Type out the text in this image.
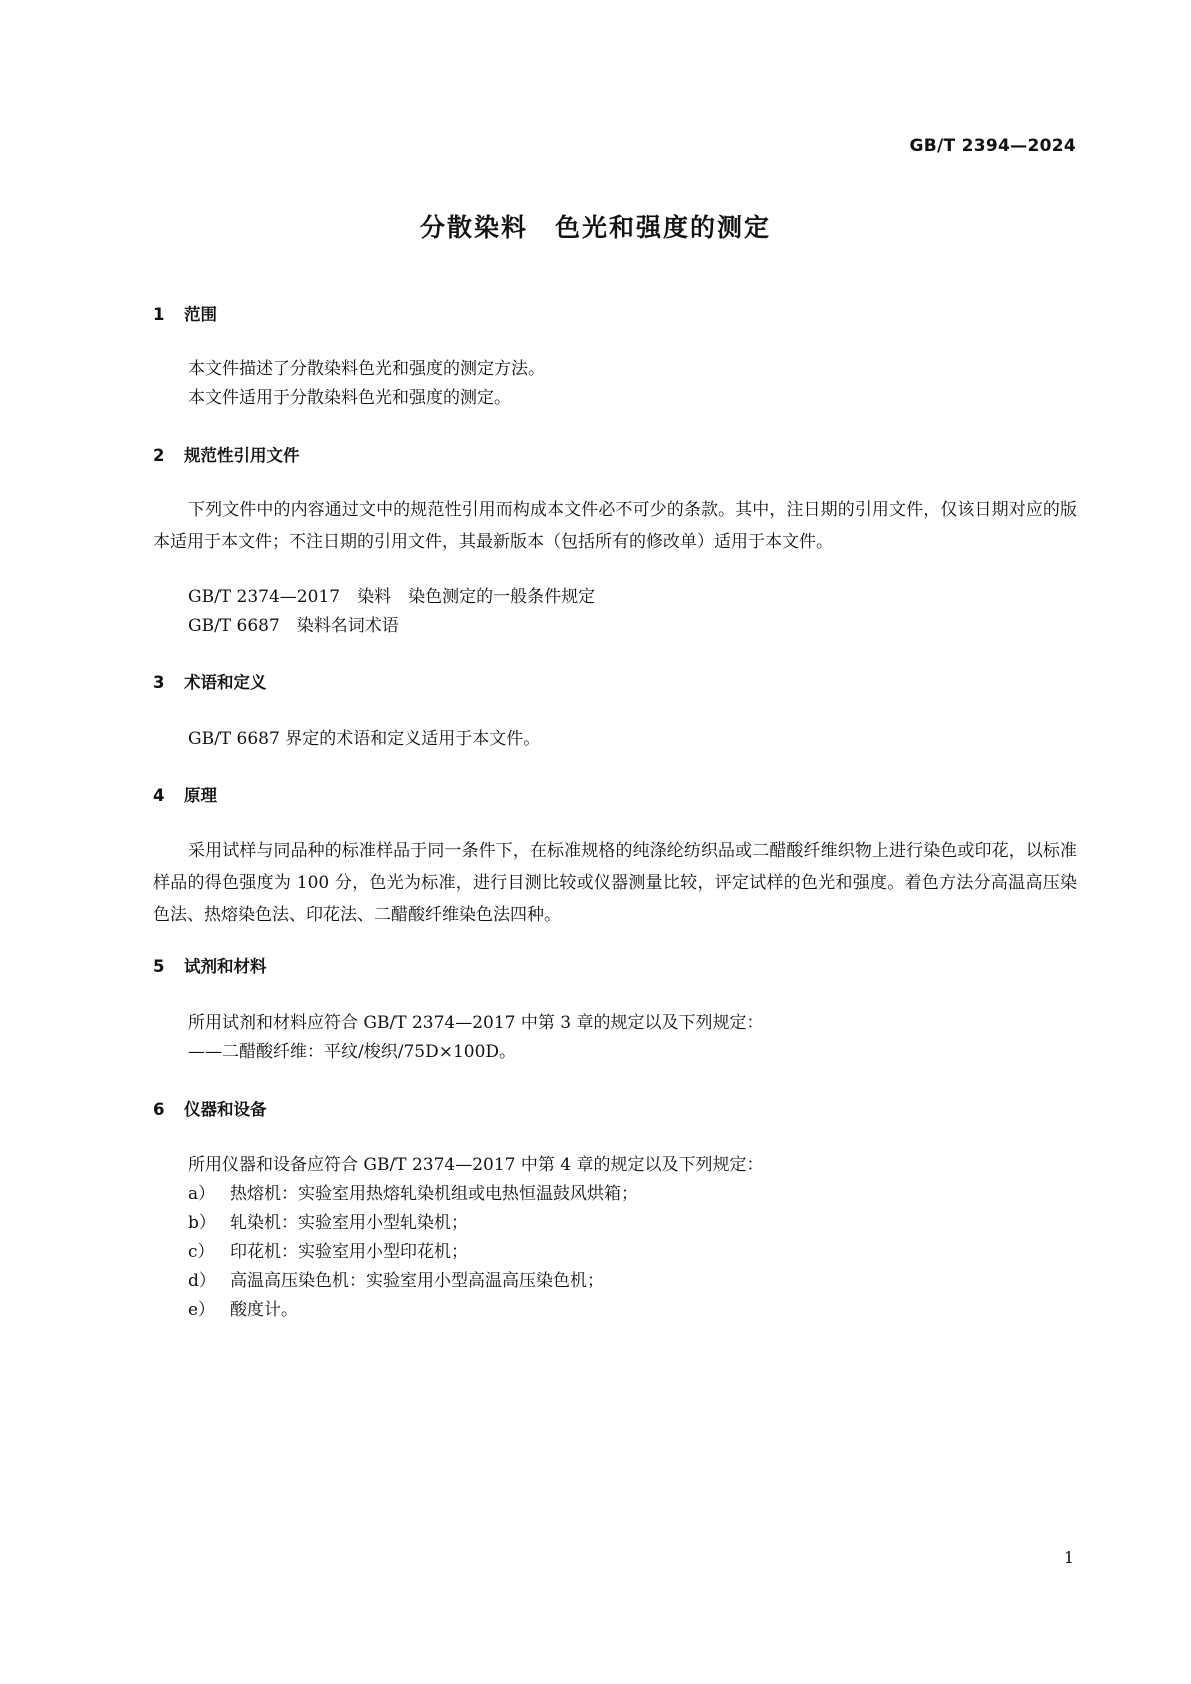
GB/T 2394—2024
分散染料　色光和强度的测定
1 范围
本文件描述了分散染料色光和强度的测定方法。
本文件适用于分散染料色光和强度的测定。
2 规范性引用文件
下列文件中的内容通过文中的规范性引用而构成本文件必不可少的条款。其中，注日期的引用文件，仅该日期对应的版本适用于本文件；不注日期的引用文件，其最新版本（包括所有的修改单）适用于本文件。
GB/T 2374—2017　染料　染色测定的一般条件规定
GB/T 6687　染料名词术语
3 术语和定义
GB/T 6687 界定的术语和定义适用于本文件。
4 原理
采用试样与同品种的标准样品于同一条件下，在标准规格的纯涤纶纺织品或二醋酸纤维织物上进行染色或印花，以标准样品的得色强度为 100 分，色光为标准，进行目测比较或仪器测量比较，评定试样的色光和强度。着色方法分高温高压染色法、热熔染色法、印花法、二醋酸纤维染色法四种。
5 试剂和材料
所用试剂和材料应符合 GB/T 2374—2017 中第 3 章的规定以及下列规定：
——二醋酸纤维：平纹/梭织/75D×100D。
6 仪器和设备
所用仪器和设备应符合 GB/T 2374—2017 中第 4 章的规定以及下列规定：
a） 热熔机：实验室用热熔轧染机组或电热恒温鼓风烘箱；
b） 轧染机：实验室用小型轧染机；
c） 印花机：实验室用小型印花机；
d） 高温高压染色机：实验室用小型高温高压染色机；
e） 酸度计。
1
